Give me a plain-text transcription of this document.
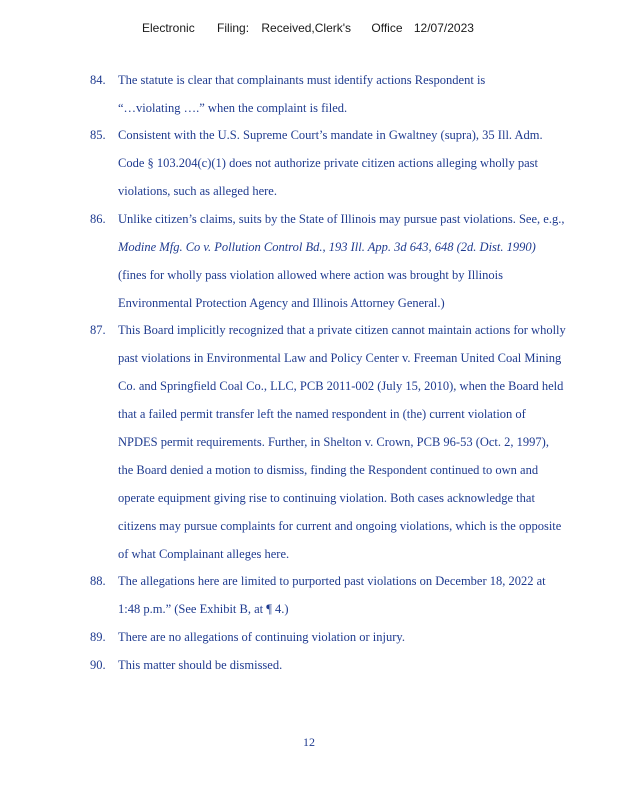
Electronic Filing: Received,Clerk's Office 12/07/2023
84. The statute is clear that complainants must identify actions Respondent is
“…violating ….” when the complaint is filed.
85. Consistent with the U.S. Supreme Court’s mandate in Gwaltney (supra), 35 Ill. Adm.
Code § 103.204(c)(1) does not authorize private citizen actions alleging wholly past
violations, such as alleged here.
86. Unlike citizen’s claims, suits by the State of Illinois may pursue past violations. See, e.g.,
Modine Mfg. Co v. Pollution Control Bd., 193 Ill. App. 3d 643, 648 (2d. Dist. 1990)
(fines for wholly pass violation allowed where action was brought by Illinois
Environmental Protection Agency and Illinois Attorney General.)
87. This Board implicitly recognized that a private citizen cannot maintain actions for wholly
past violations in Environmental Law and Policy Center v. Freeman United Coal Mining
Co. and Springfield Coal Co., LLC, PCB 2011-002 (July 15, 2010), when the Board held
that a failed permit transfer left the named respondent in (the) current violation of
NPDES permit requirements. Further, in Shelton v. Crown, PCB 96-53 (Oct. 2, 1997),
the Board denied a motion to dismiss, finding the Respondent continued to own and
operate equipment giving rise to continuing violation. Both cases acknowledge that
citizens may pursue complaints for current and ongoing violations, which is the opposite
of what Complainant alleges here.
88. The allegations here are limited to purported past violations on December 18, 2022 at
1:48 p.m.” (See Exhibit B, at ¶ 4.)
89. There are no allegations of continuing violation or injury.
90. This matter should be dismissed.
12
